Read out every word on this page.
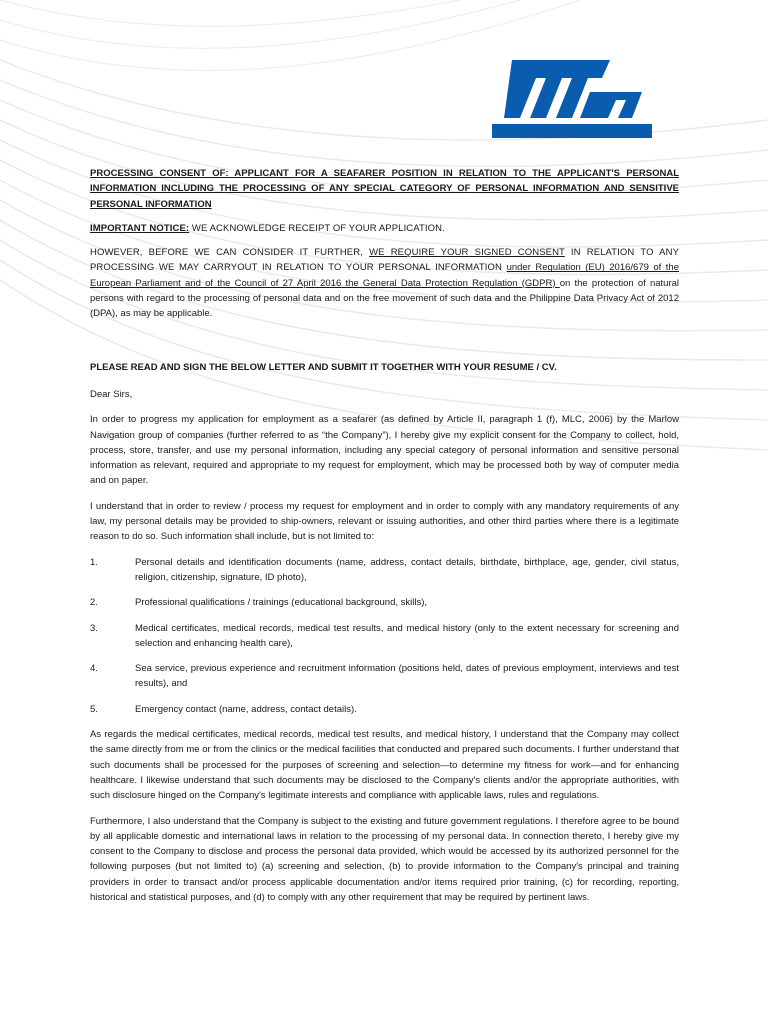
PROCESSING CONSENT OF: APPLICANT FOR A SEAFARER POSITION IN RELATION TO THE APPLICANT'S PERSONAL INFORMATION INCLUDING THE PROCESSING OF ANY SPECIAL CATEGORY OF PERSONAL INFORMATION AND SENSITIVE PERSONAL INFORMATION

IMPORTANT NOTICE: WE ACKNOWLEDGE RECEIPT OF YOUR APPLICATION.

HOWEVER, BEFORE WE CAN CONSIDER IT FURTHER, WE REQUIRE YOUR SIGNED CONSENT IN RELATION TO ANY PROCESSING WE MAY CARRYOUT IN RELATION TO YOUR PERSONAL INFORMATION under Regulation (EU) 2016/679 of the European Parliament and of the Council of 27 April 2016 the General Data Protection Regulation (GDPR) on the protection of natural persons with regard to the processing of personal data and on the free movement of such data and the Philippine Data Privacy Act of 2012 (DPA), as may be applicable.

PLEASE READ AND SIGN THE BELOW LETTER AND SUBMIT IT TOGETHER WITH YOUR RESUME / CV.

Dear Sirs,

In order to progress my application for employment as a seafarer (as defined by Article II, paragraph 1 (f), MLC, 2006) by the Marlow Navigation group of companies (further referred to as “the Company”), I hereby give my explicit consent for the Company to collect, hold, process, store, transfer, and use my personal information, including any special category of personal information and sensitive personal information as relevant, required and appropriate to my request for employment, which may be processed both by way of computer media and on paper.

I understand that in order to review / process my request for employment and in order to comply with any mandatory requirements of any law, my personal details may be provided to ship-owners, relevant or issuing authorities, and other third parties where there is a legitimate reason to do so. Such information shall include, but is not limited to:

1.	Personal details and identification documents (name, address, contact details, birthdate, birthplace, age, gender, civil status, religion, citizenship, signature, ID photo),
2.	Professional qualifications / trainings (educational background, skills),
3.	Medical certificates, medical records, medical test results, and medical history (only to the extent necessary for screening and selection and enhancing health care),
4.	Sea service, previous experience and recruitment information (positions held, dates of previous employment, interviews and test results), and
5.	Emergency contact (name, address, contact details).

As regards the medical certificates, medical records, medical test results, and medical history, I understand that the Company may collect the same directly from me or from the clinics or the medical facilities that conducted and prepared such documents. I further understand that such documents shall be processed for the purposes of screening and selection—to determine my fitness for work—and for enhancing healthcare. I likewise understand that such documents may be disclosed to the Company's clients and/or the appropriate authorities, with such disclosure hinged on the Company's legitimate interests and compliance with applicable laws, rules and regulations.

Furthermore, I also understand that the Company is subject to the existing and future government regulations. I therefore agree to be bound by all applicable domestic and international laws in relation to the processing of my personal data. In connection thereto, I hereby give my consent to the Company to disclose and process the personal data provided, which would be accessed by its authorized personnel for the following purposes (but not limited to) (a) screening and selection, (b) to provide information to the Company's principal and training providers in order to transact and/or process applicable documentation and/or items required prior training, (c) for recording, reporting, historical and statistical purposes, and (d) to comply with any other requirement that may be required by pertinent laws.
